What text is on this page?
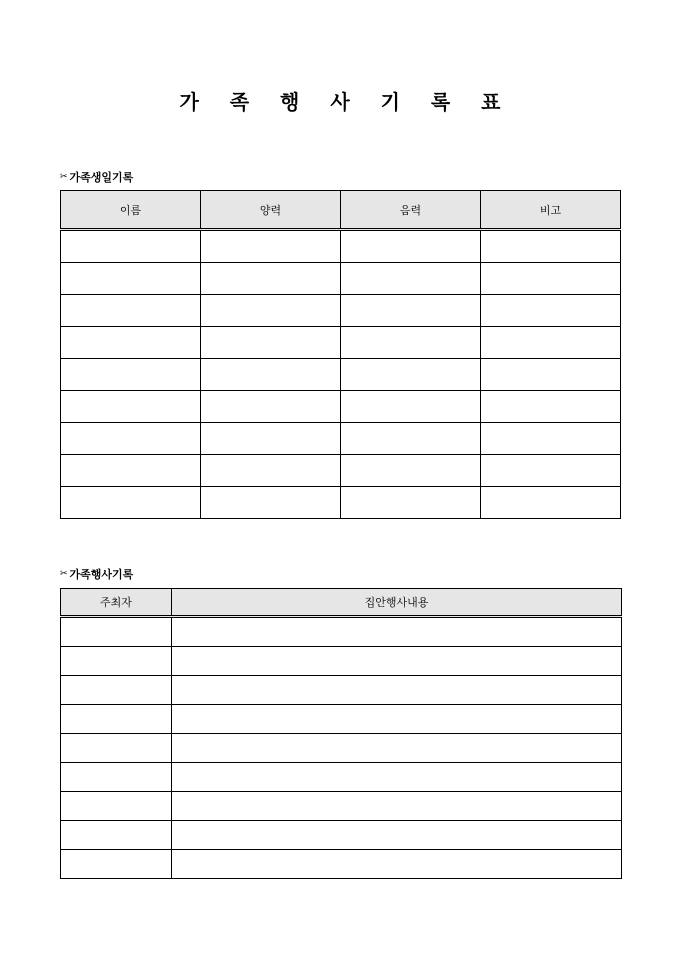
가 족 행 사 기 록 표
✂ 가족생일기록
이름	양력	음력	비고

✂ 가족행사기록
주최자	집안행사내용
